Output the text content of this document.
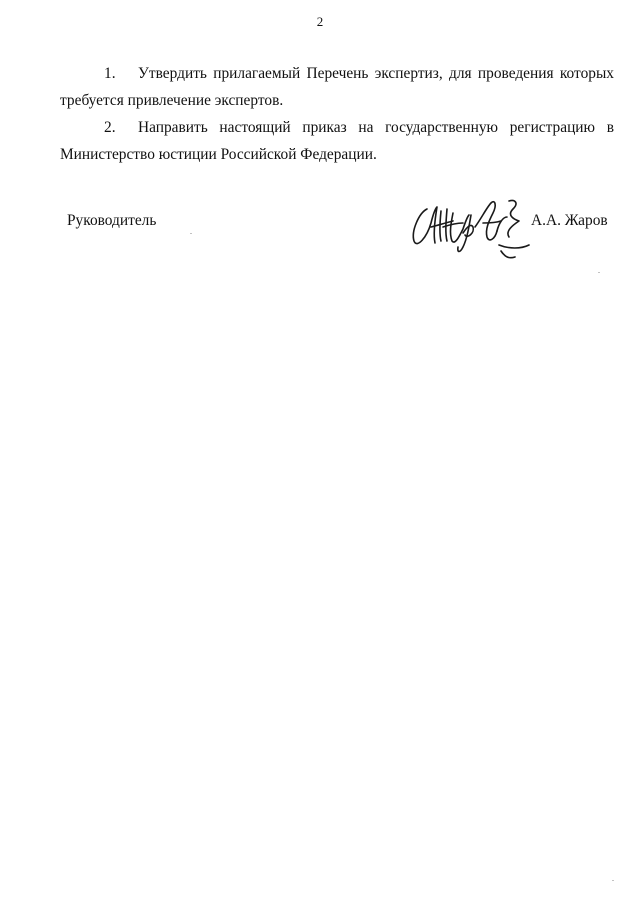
2

1. Утвердить прилагаемый Перечень экспертиз, для проведения которых требуется привлечение экспертов.

2. Направить настоящий приказ на государственную регистрацию в Министерство юстиции Российской Федерации.

Руководитель	А.А. Жаров
